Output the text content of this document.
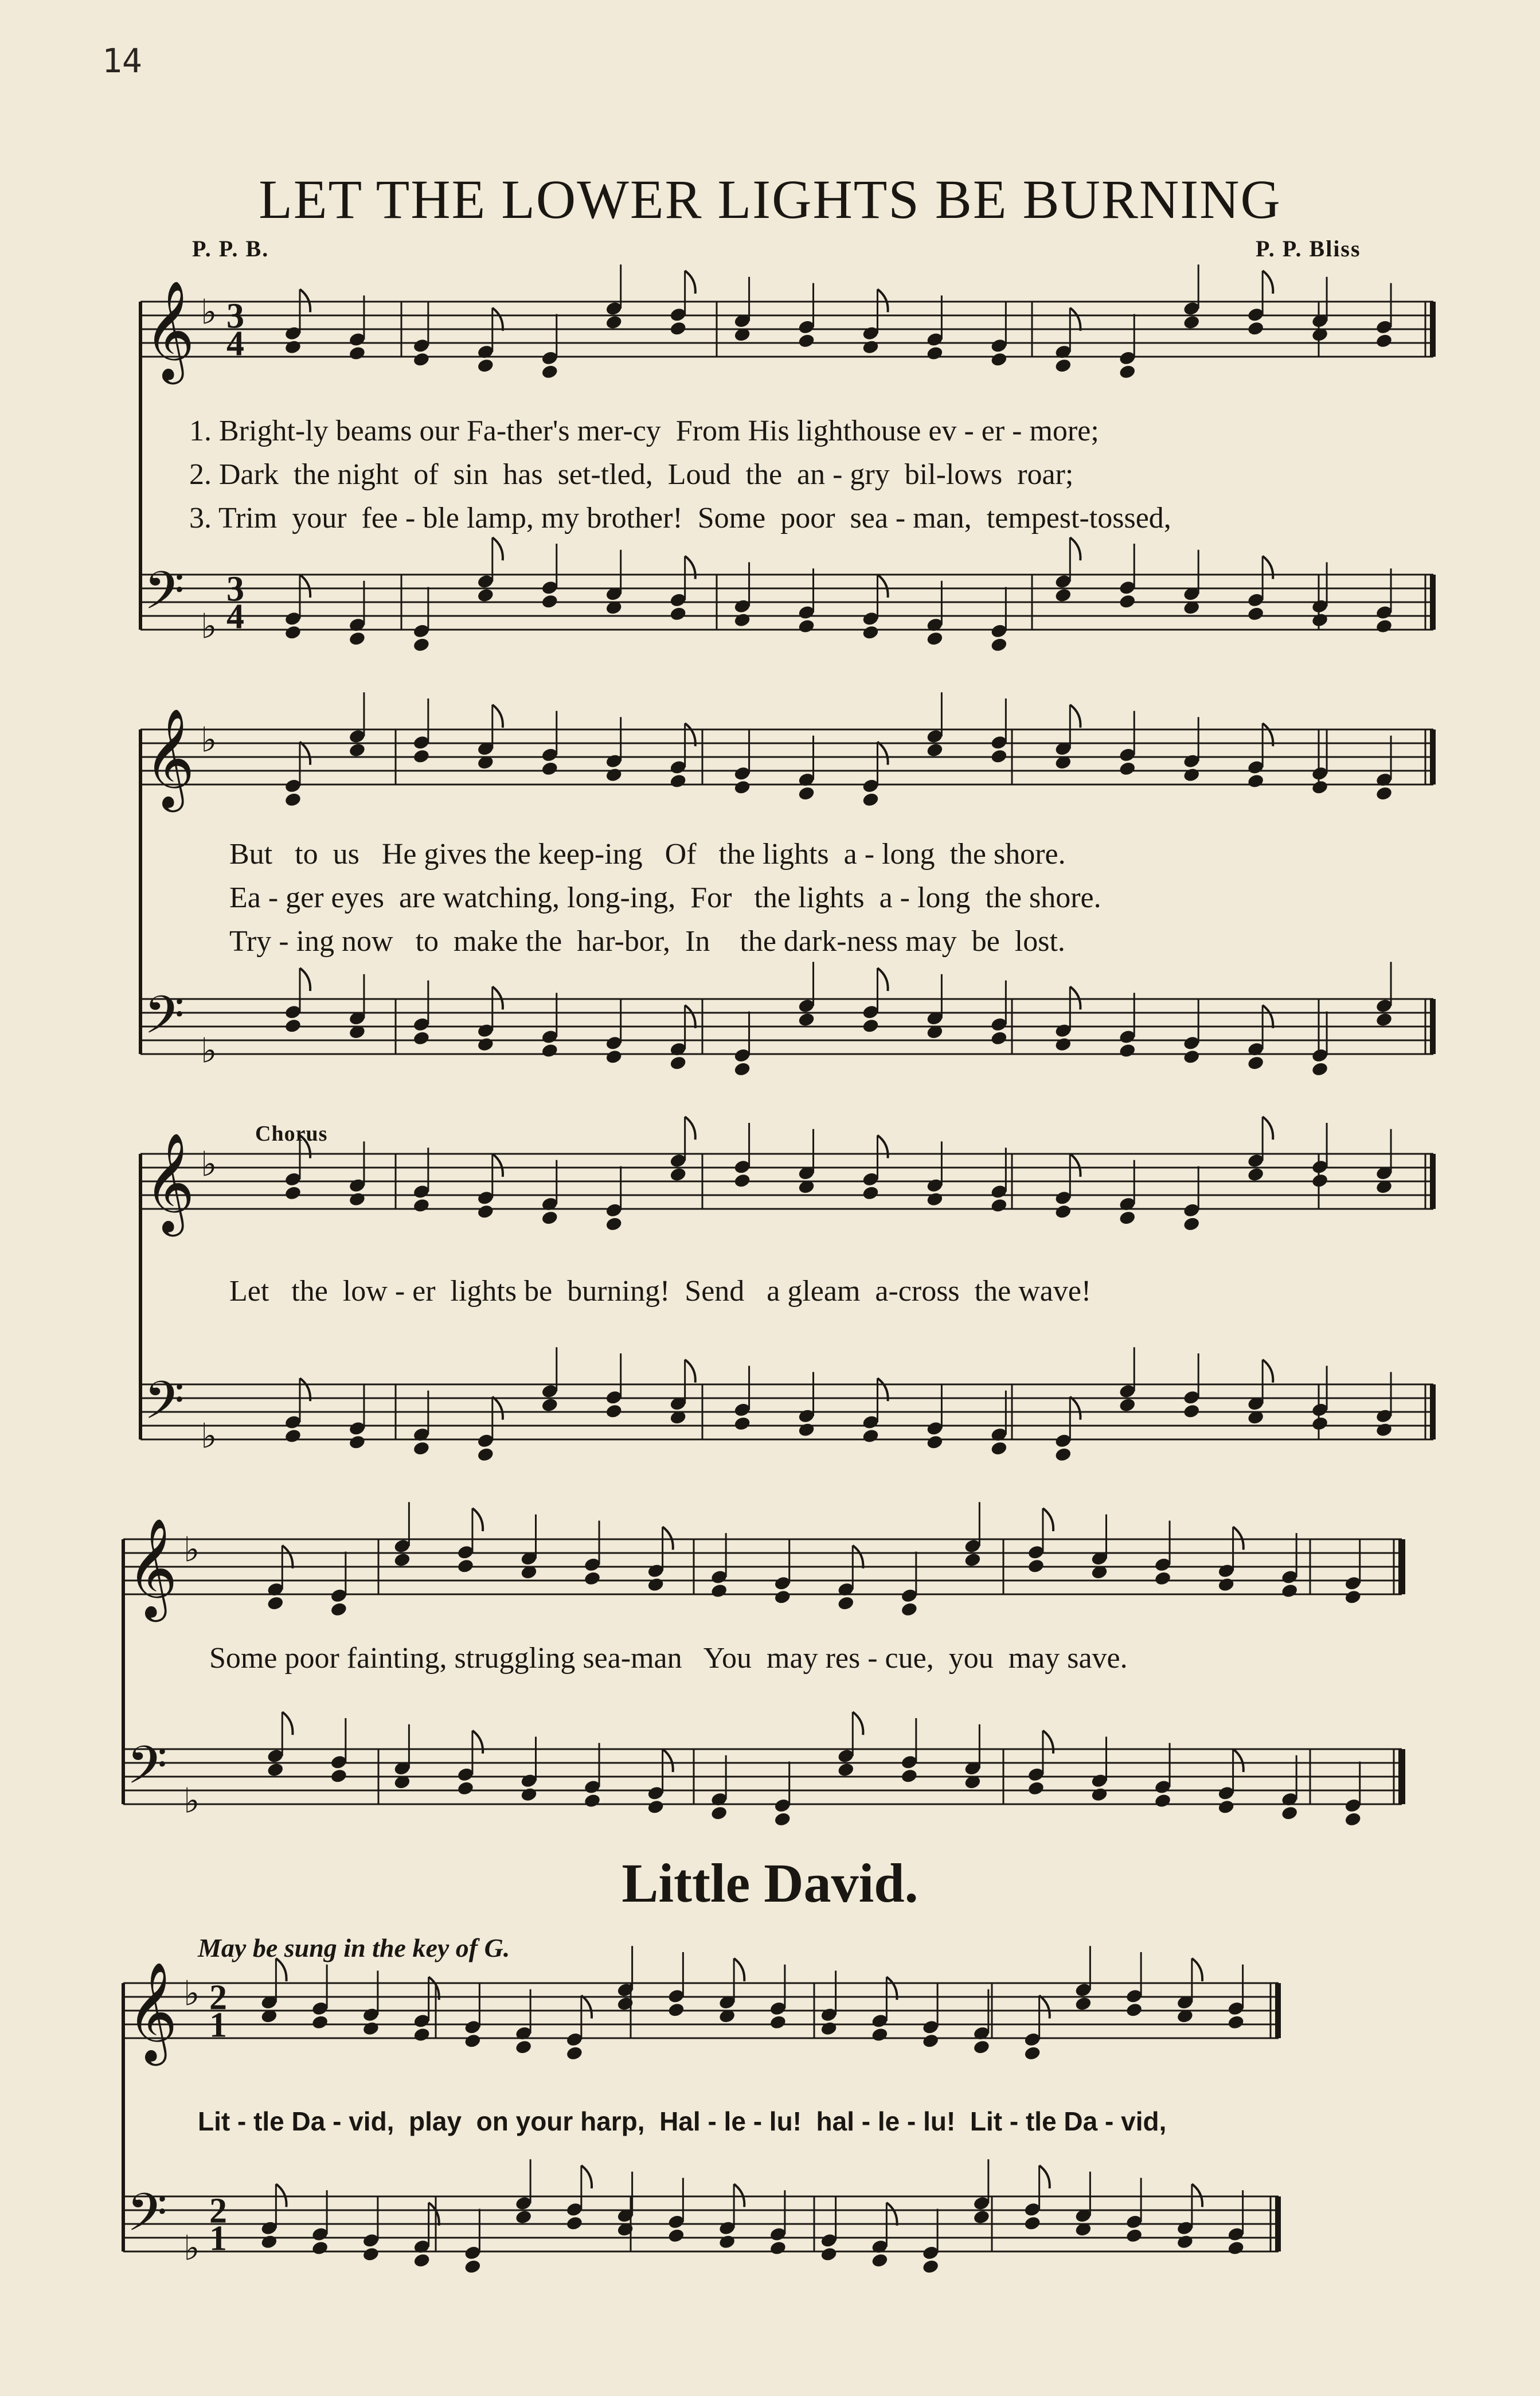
14
LET THE LOWER LIGHTS BE BURNING
P. P. B.	P. P. Bliss
Chorus
𝄞 ♭ 3
4
𝄢 ♭
3
4
𝄞 ♭
𝄢 ♭
𝄞 ♭
𝄢 ♭
𝄞 ♭
𝄢 ♭
𝄞 ♭ 2
1
𝄢 ♭
2
1
1. Bright-ly beams our Fa-ther's mer-cy  From His lighthouse ev - er - more;
2. Dark  the night  of  sin  has  set-tled,  Loud  the  an - gry  bil-lows  roar;
3. Trim  your  fee - ble lamp, my brother!  Some  poor  sea - man,  tempest-tossed,
But   to  us   He gives the keep-ing   Of   the lights  a - long  the shore.
Ea - ger eyes  are watching, long-ing,  For   the lights  a - long  the shore.
Try - ing now   to  make the  har-bor,  In    the dark-ness may  be  lost.
Let   the  low - er  lights be  burning!  Send   a gleam  a-cross  the wave!
Some poor fainting, struggling sea-man   You  may res - cue,  you  may save.
Little David.
May be sung in the key of G.
Lit - tle Da - vid,  play  on your harp,  Hal - le - lu!  hal - le - lu!  Lit - tle Da - vid,
